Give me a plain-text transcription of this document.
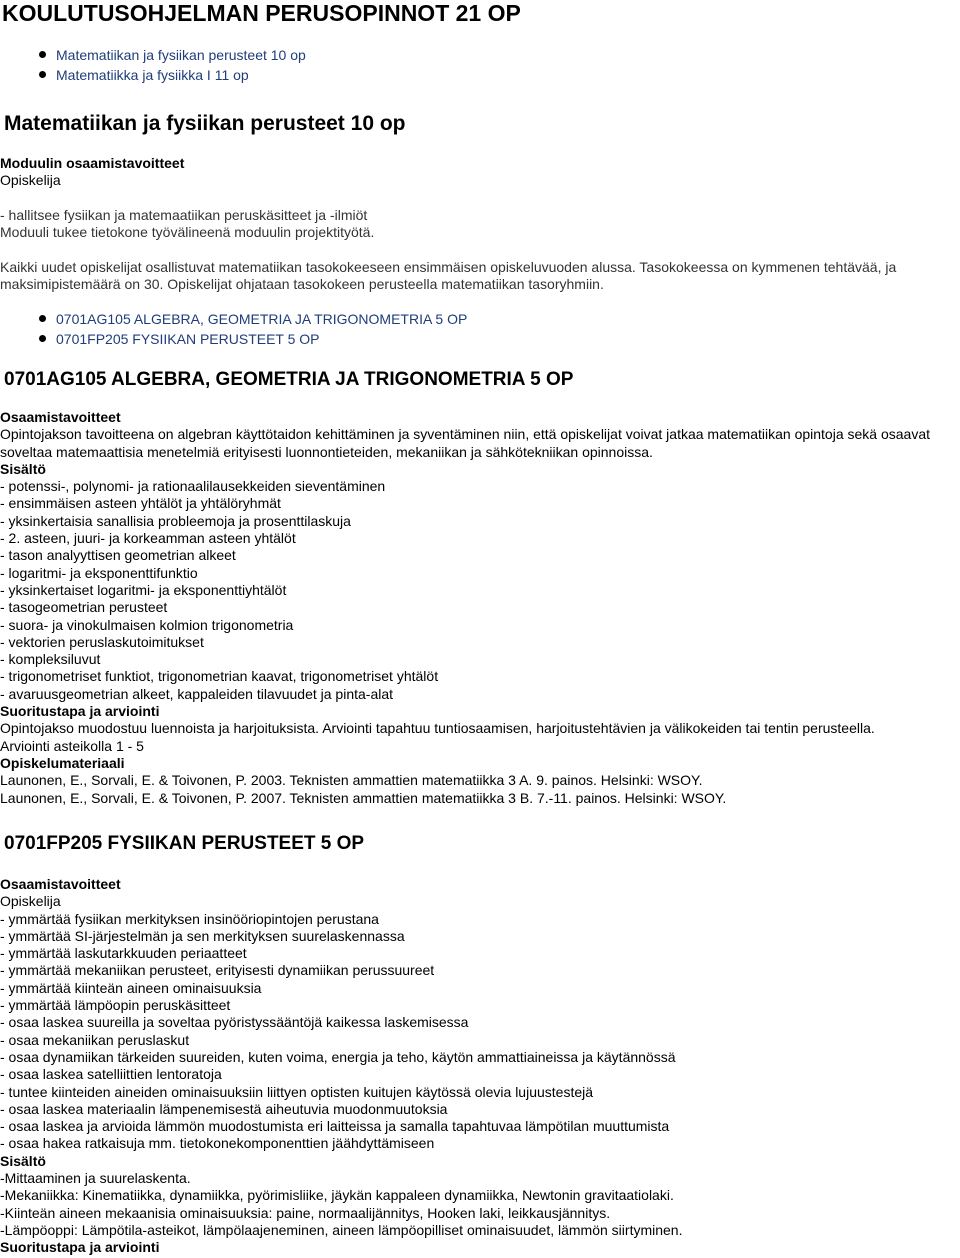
KOULUTUSOHJELMAN PERUSOPINNOT 21 OP
Matematiikan ja fysiikan perusteet 10 op
Matematiikka ja fysiikka I 11 op
Matematiikan ja fysiikan perusteet 10 op
Moduulin osaamistavoitteet
Opiskelija
- hallitsee fysiikan ja matemaatiikan peruskäsitteet ja -ilmiöt
Moduuli tukee tietokone työvälineenä moduulin projektityötä.
Kaikki uudet opiskelijat osallistuvat matematiikan tasokokeeseen ensimmäisen opiskeluvuoden alussa. Tasokokeessa on kymmenen tehtävää, ja maksimipistemäärä on 30. Opiskelijat ohjataan tasokokeen perusteella matematiikan tasoryhmiin.
0701AG105 ALGEBRA, GEOMETRIA JA TRIGONOMETRIA 5 OP
0701FP205 FYSIIKAN PERUSTEET 5 OP
0701AG105 ALGEBRA, GEOMETRIA JA TRIGONOMETRIA 5 OP
Osaamistavoitteet
Opintojakson tavoitteena on algebran käyttötaidon kehittäminen ja syventäminen niin, että opiskelijat voivat jatkaa matematiikan opintoja sekä osaavat soveltaa matemaattisia menetelmiä erityisesti luonnontieteiden, mekaniikan ja sähkötekniikan opinnoissa.
Sisältö
- potenssi-, polynomi- ja rationaalilausekkeiden sieventäminen
- ensimmäisen asteen yhtälöt ja yhtälöryhmät
- yksinkertaisia sanallisia probleemoja ja prosenttilaskuja
- 2. asteen, juuri- ja korkeamman asteen yhtälöt
- tason analyyttisen geometrian alkeet
- logaritmi- ja eksponenttifunktio
- yksinkertaiset logaritmi- ja eksponenttiyhtälöt
- tasogeometrian perusteet
- suora- ja vinokulmaisen kolmion trigonometria
- vektorien peruslaskutoimitukset
- kompleksiluvut
- trigonometriset funktiot, trigonometrian kaavat, trigonometriset yhtälöt
- avaruusgeometrian alkeet, kappaleiden tilavuudet ja pinta-alat
Suoritustapa ja arviointi
Opintojakso muodostuu luennoista ja harjoituksista. Arviointi tapahtuu tuntiosaamisen, harjoitustehtävien ja välikokeiden tai tentin perusteella.
Arviointi asteikolla 1 - 5
Opiskelumateriaali
Launonen, E., Sorvali, E. & Toivonen, P. 2003. Teknisten ammattien matematiikka 3 A. 9. painos. Helsinki: WSOY.
Launonen, E., Sorvali, E. & Toivonen, P. 2007. Teknisten ammattien matematiikka 3 B. 7.-11. painos. Helsinki: WSOY.
0701FP205 FYSIIKAN PERUSTEET 5 OP
Osaamistavoitteet
Opiskelija
- ymmärtää fysiikan merkityksen insinööriopintojen perustana
- ymmärtää SI-järjestelmän ja sen merkityksen suurelaskennassa
- ymmärtää laskutarkkuuden periaatteet
- ymmärtää mekaniikan perusteet, erityisesti dynamiikan perussuureet
- ymmärtää kiinteän aineen ominaisuuksia
- ymmärtää lämpöopin peruskäsitteet
- osaa laskea suureilla ja soveltaa pyöristyssääntöjä kaikessa laskemisessa
- osaa mekaniikan peruslaskut
- osaa dynamiikan tärkeiden suureiden, kuten voima, energia ja teho, käytön ammattiaineissa ja käytännössä
- osaa laskea satelliittien lentoratoja
- tuntee kiinteiden aineiden ominaisuuksiin liittyen optisten kuitujen käytössä olevia lujuustestejä
- osaa laskea materiaalin lämpenemisestä aiheutuvia muodonmuutoksia
- osaa laskea ja arvioida lämmön muodostumista eri laitteissa ja samalla tapahtuvaa lämpötilan muuttumista
- osaa hakea ratkaisuja mm. tietokonekomponenttien jäähdyttämiseen
Sisältö
-Mittaaminen ja suurelaskenta.
-Mekaniikka: Kinematiikka, dynamiikka, pyörimisliike, jäykän kappaleen dynamiikka, Newtonin gravitaatiolaki.
-Kiinteän aineen mekaanisia ominaisuuksia: paine, normaalijännitys, Hooken laki, leikkausjännitys.
-Lämpöoppi: Lämpötila-asteikot, lämpölaajeneminen, aineen lämpöopilliset ominaisuudet, lämmön siirtyminen.
Suoritustapa ja arviointi
